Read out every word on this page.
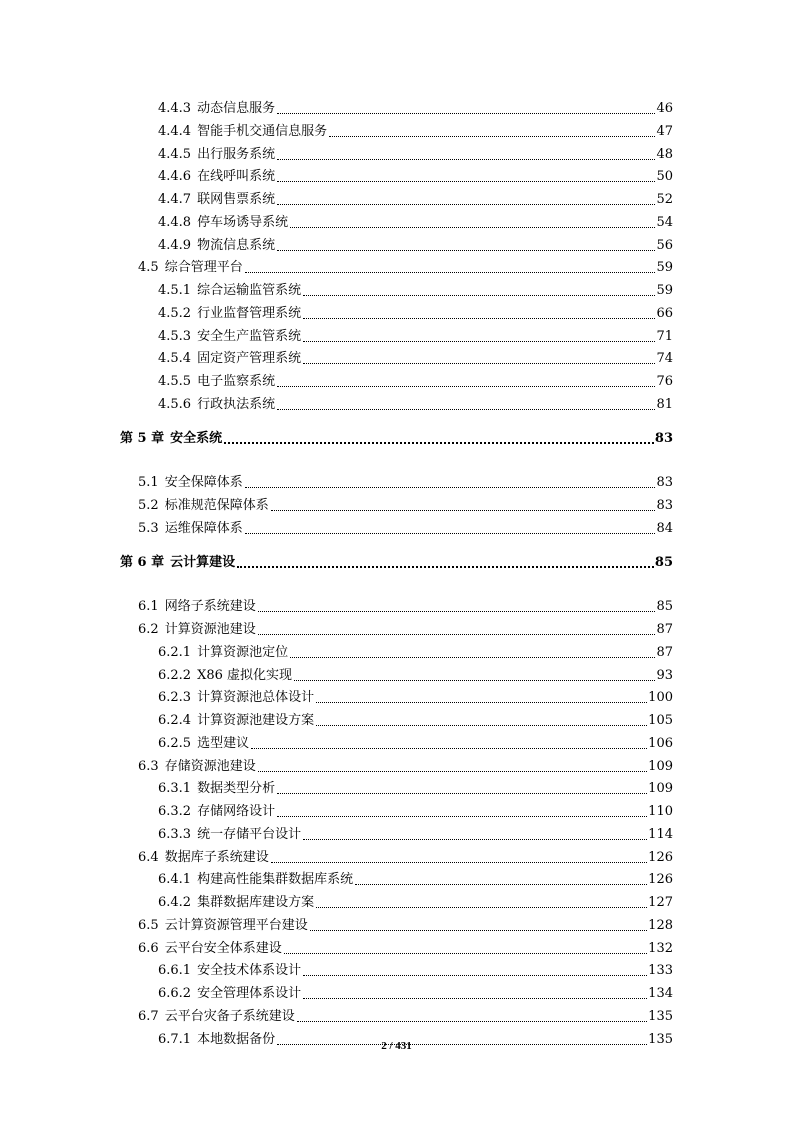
4.4.3 动态信息服务	46
4.4.4 智能手机交通信息服务	47
4.4.5 出行服务系统	48
4.4.6 在线呼叫系统	50
4.4.7 联网售票系统	52
4.4.8 停车场诱导系统	54
4.4.9 物流信息系统	56
4.5 综合管理平台	59
4.5.1 综合运输监管系统	59
4.5.2 行业监督管理系统	66
4.5.3 安全生产监管系统	71
4.5.4 固定资产管理系统	74
4.5.5 电子监察系统	76
4.5.6 行政执法系统	81
第 5 章 安全系统	83
5.1 安全保障体系	83
5.2 标准规范保障体系	83
5.3 运维保障体系	84
第 6 章 云计算建设	85
6.1 网络子系统建设	85
6.2 计算资源池建设	87
6.2.1 计算资源池定位	87
6.2.2 X86 虚拟化实现	93
6.2.3 计算资源池总体设计	100
6.2.4 计算资源池建设方案	105
6.2.5 选型建议	106
6.3 存储资源池建设	109
6.3.1 数据类型分析	109
6.3.2 存储网络设计	110
6.3.3 统一存储平台设计	114
6.4 数据库子系统建设	126
6.4.1 构建高性能集群数据库系统	126
6.4.2 集群数据库建设方案	127
6.5 云计算资源管理平台建设	128
6.6 云平台安全体系建设	132
6.6.1 安全技术体系设计	133
6.6.2 安全管理体系设计	134
6.7 云平台灾备子系统建设	135
6.7.1 本地数据备份	135
2 / 431
